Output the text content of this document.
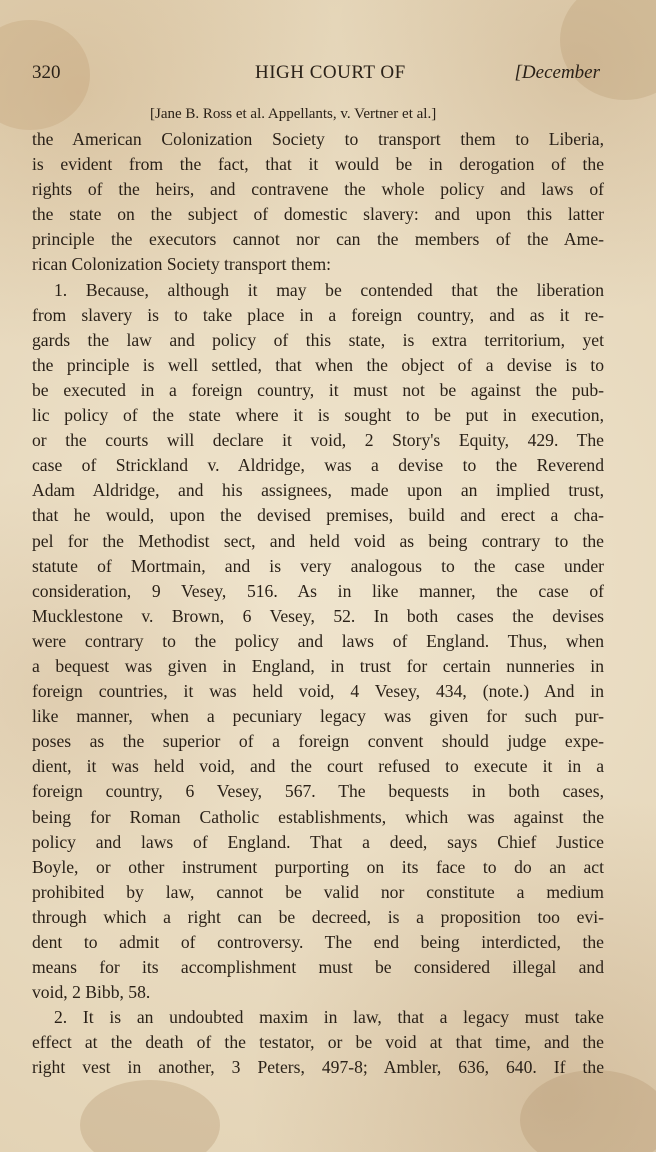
320	HIGH COURT OF	[December
[Jane B. Ross et al. Appellants, v. Vertner et al.]
the American Colonization Society to transport them to Liberia,
is evident from the fact, that it would be in derogation of the
rights of the heirs, and contravene the whole policy and laws of
the state on the subject of domestic slavery: and upon this latter
principle the executors cannot nor can the members of the Ame-
rican Colonization Society transport them:
1. Because, although it may be contended that the liberation
from slavery is to take place in a foreign country, and as it re-
gards the law and policy of this state, is extra territorium, yet
the principle is well settled, that when the object of a devise is to
be executed in a foreign country, it must not be against the pub-
lic policy of the state where it is sought to be put in execution,
or the courts will declare it void, 2 Story's Equity, 429. The
case of Strickland v. Aldridge, was a devise to the Reverend
Adam Aldridge, and his assignees, made upon an implied trust,
that he would, upon the devised premises, build and erect a cha-
pel for the Methodist sect, and held void as being contrary to the
statute of Mortmain, and is very analogous to the case under
consideration, 9 Vesey, 516. As in like manner, the case of
Mucklestone v. Brown, 6 Vesey, 52. In both cases the devises
were contrary to the policy and laws of England. Thus, when
a bequest was given in England, in trust for certain nunneries in
foreign countries, it was held void, 4 Vesey, 434, (note.) And in
like manner, when a pecuniary legacy was given for such pur-
poses as the superior of a foreign convent should judge expe-
dient, it was held void, and the court refused to execute it in a
foreign country, 6 Vesey, 567. The bequests in both cases,
being for Roman Catholic establishments, which was against the
policy and laws of England. That a deed, says Chief Justice
Boyle, or other instrument purporting on its face to do an act
prohibited by law, cannot be valid nor constitute a medium
through which a right can be decreed, is a proposition too evi-
dent to admit of controversy. The end being interdicted, the
means for its accomplishment must be considered illegal and
void, 2 Bibb, 58.
2. It is an undoubted maxim in law, that a legacy must take
effect at the death of the testator, or be void at that time, and the
right vest in another, 3 Peters, 497-8; Ambler, 636, 640. If the
